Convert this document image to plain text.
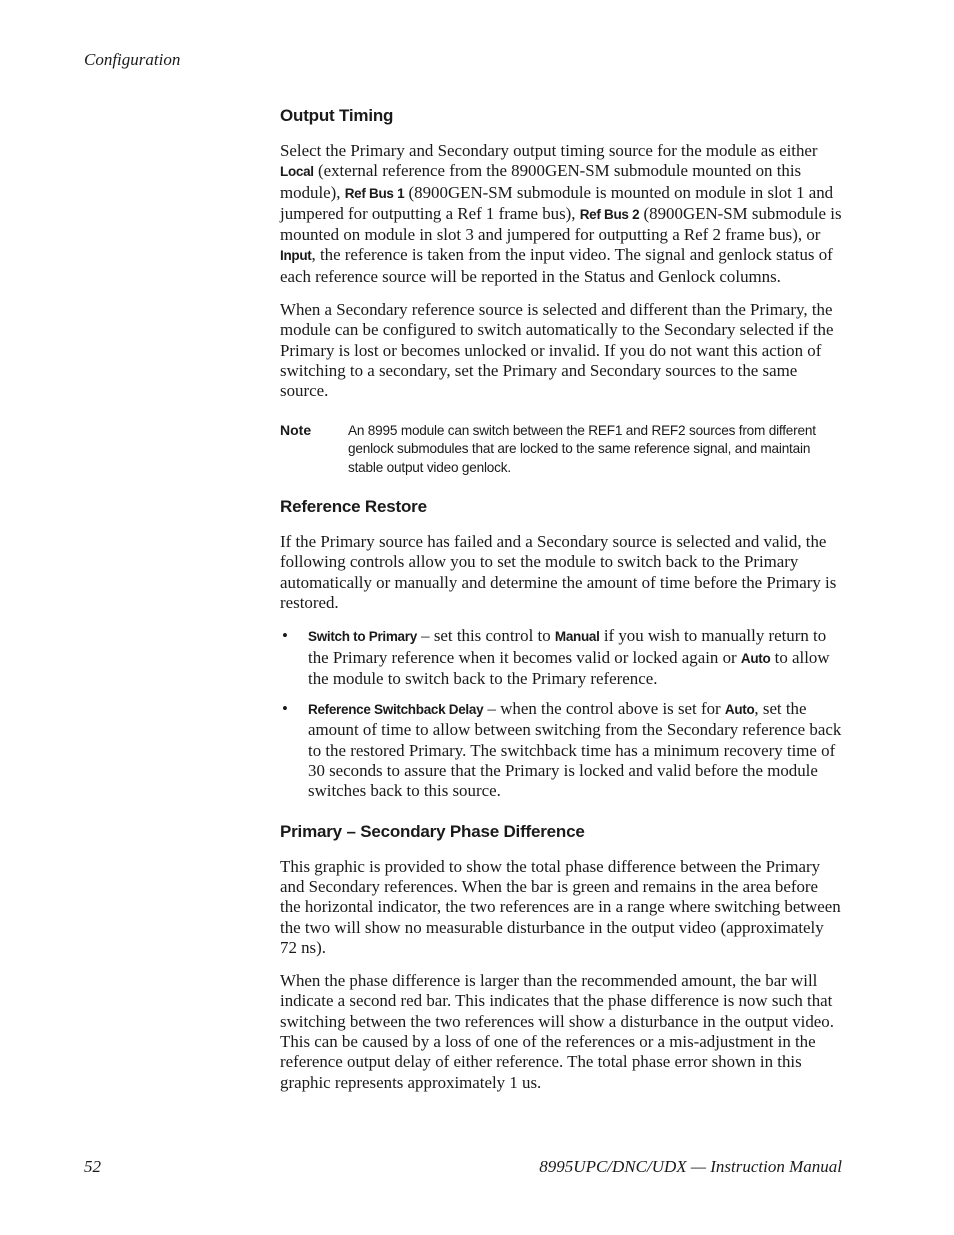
Configuration
Output Timing

Select the Primary and Secondary output timing source for the module as either Local (external reference from the 8900GEN-SM submodule mounted on this module), Ref Bus 1 (8900GEN-SM submodule is mounted on module in slot 1 and jumpered for outputting a Ref 1 frame bus), Ref Bus 2 (8900GEN-SM submodule is mounted on module in slot 3 and jumpered for outputting a Ref 2 frame bus), or Input, the reference is taken from the input video. The signal and genlock status of each reference source will be reported in the Status and Genlock columns.

When a Secondary reference source is selected and different than the Primary, the module can be configured to switch automatically to the Secondary selected if the Primary is lost or becomes unlocked or invalid. If you do not want this action of switching to a secondary, set the Primary and Secondary sources to the same source.

Note	An 8995 module can switch between the REF1 and REF2 sources from different genlock submodules that are locked to the same reference signal, and maintain stable output video genlock.
Reference Restore

If the Primary source has failed and a Secondary source is selected and valid, the following controls allow you to set the module to switch back to the Primary automatically or manually and determine the amount of time before the Primary is restored.

• Switch to Primary – set this control to Manual if you wish to manually return to the Primary reference when it becomes valid or locked again or Auto to allow the module to switch back to the Primary reference.
• Reference Switchback Delay – when the control above is set for Auto, set the amount of time to allow between switching from the Secondary reference back to the restored Primary. The switchback time has a minimum recovery time of 30 seconds to assure that the Primary is locked and valid before the module switches back to this source.
Primary – Secondary Phase Difference

This graphic is provided to show the total phase difference between the Primary and Secondary references. When the bar is green and remains in the area before the horizontal indicator, the two references are in a range where switching between the two will show no measurable disturbance in the output video (approximately 72 ns).

When the phase difference is larger than the recommended amount, the bar will indicate a second red bar. This indicates that the phase difference is now such that switching between the two references will show a disturbance in the output video. This can be caused by a loss of one of the references or a mis-adjustment in the reference output delay of either reference. The total phase error shown in this graphic represents approximately 1 us.

52	8995UPC/DNC/UDX — Instruction Manual
